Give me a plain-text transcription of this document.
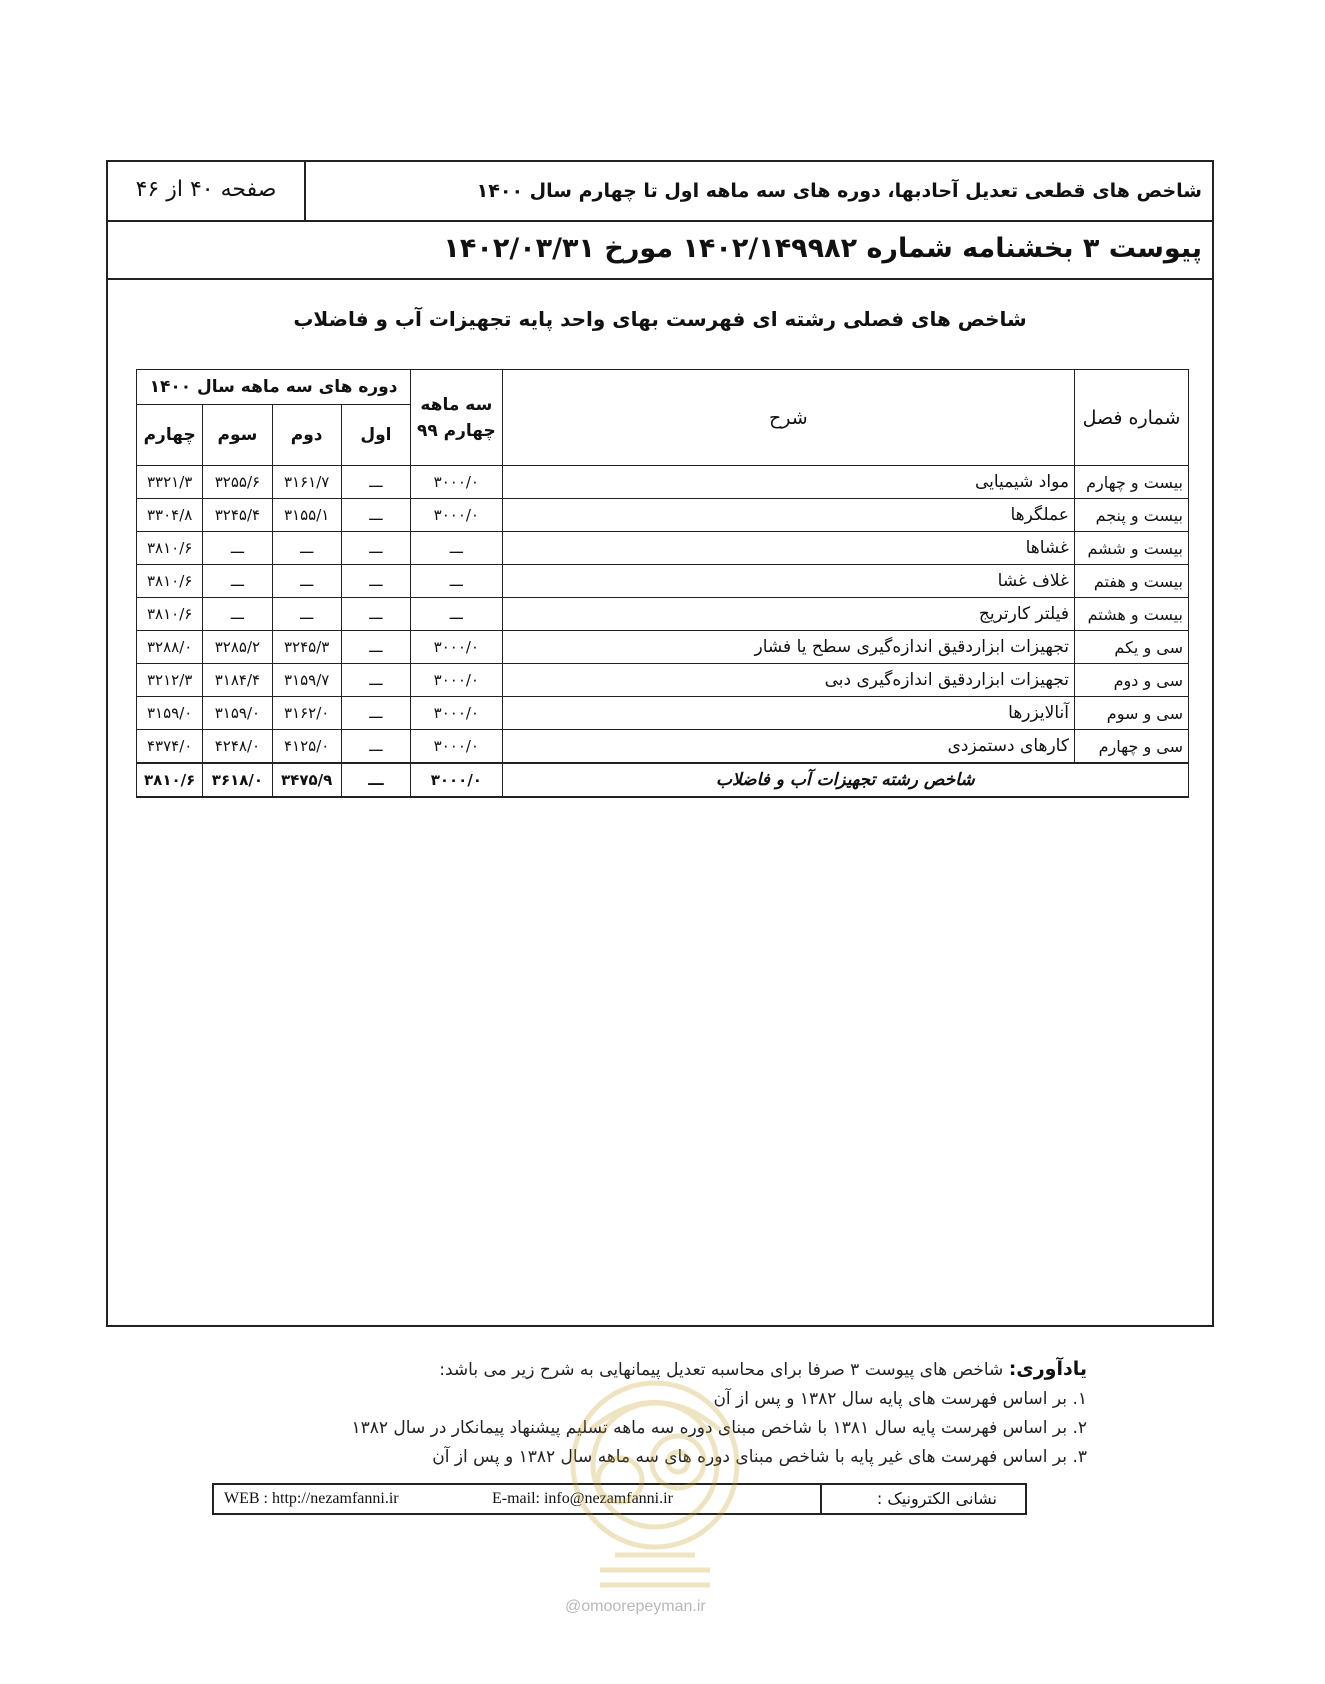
شاخص های قطعی تعدیل آحادبها، دوره های سه ماهه اول تا چهارم سال ۱۴۰۰
صفحه ۴۰ از ۴۶
پیوست ۳ بخشنامه شماره ۱۴۰۲/۱۴۹۹۸۲ مورخ ۱۴۰۲/۰۳/۳۱
شاخص های فصلی رشته ای فهرست بهای واحد پایه تجهیزات آب و فاضلاب
شماره فصل	شرح	سه ماهه چهارم ۹۹	دوره های سه ماهه سال ۱۴۰۰			
			اول	دوم	سوم	چهارم
بیست و چهارم	مواد شیمیایی	۳۰۰۰/۰	ـــ	۳۱۶۱/۷	۳۲۵۵/۶	۳۳۲۱/۳
بیست و پنجم	عملگرها	۳۰۰۰/۰	ـــ	۳۱۵۵/۱	۳۲۴۵/۴	۳۳۰۴/۸
بیست و ششم	غشاها	ـــ	ـــ	ـــ	ـــ	۳۸۱۰/۶
بیست و هفتم	غلاف غشا	ـــ	ـــ	ـــ	ـــ	۳۸۱۰/۶
بیست و هشتم	فیلتر کارتریج	ـــ	ـــ	ـــ	ـــ	۳۸۱۰/۶
سی و یکم	تجهیزات ابزاردقیق اندازه‌گیری سطح یا فشار	۳۰۰۰/۰	ـــ	۳۲۴۵/۳	۳۲۸۵/۲	۳۲۸۸/۰
سی و دوم	تجهیزات ابزاردقیق اندازه‌گیری دبی	۳۰۰۰/۰	ـــ	۳۱۵۹/۷	۳۱۸۴/۴	۳۲۱۲/۳
سی و سوم	آنالایزرها	۳۰۰۰/۰	ـــ	۳۱۶۲/۰	۳۱۵۹/۰	۳۱۵۹/۰
سی و چهارم	کارهای دستمزدی	۳۰۰۰/۰	ـــ	۴۱۲۵/۰	۴۲۴۸/۰	۴۳۷۴/۰
شاخص رشته تجهیزات آب و فاضلاب		۳۰۰۰/۰	ـــ	۳۴۷۵/۹	۳۶۱۸/۰	۳۸۱۰/۶

یادآوری: شاخص های پیوست ۳ صرفا برای محاسبه تعدیل پیمانهایی به شرح زیر می باشد:

۱. بر اساس فهرست های پایه سال ۱۳۸۲ و پس از آن

۲. بر اساس فهرست پایه سال ۱۳۸۱ با شاخص مبنای دوره سه ماهه تسلیم پیشنهاد پیمانکار در سال ۱۳۸۲

۳. بر اساس فهرست های غیر پایه با شاخص مبنای دوره های سه ماهه سال ۱۳۸۲ و پس از آن

WEB : http://nezamfanni.ir	E-mail: info@nezamfanni.ir	نشانی الکترونیک :
@omoorepeyman.ir
